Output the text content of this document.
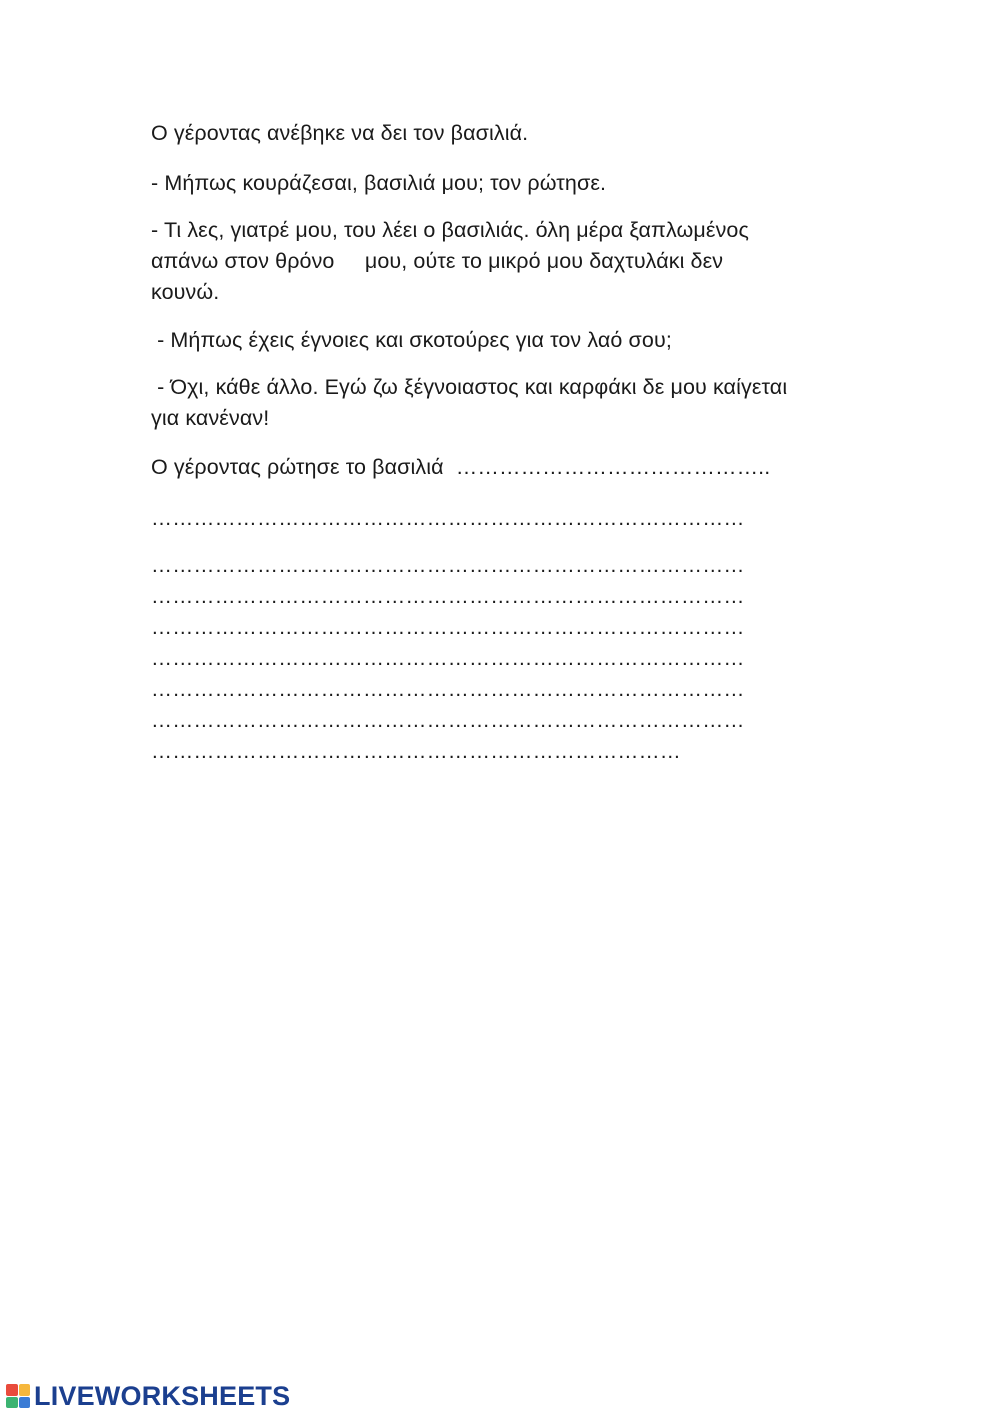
Ο γέροντας ανέβηκε να δει τον βασιλιά.
- Μήπως κουράζεσαι, βασιλιά μου; τον ρώτησε.
- Τι λες, γιατρέ μου, του λέει ο βασιλιάς. όλη μέρα ξαπλωμένος
απάνω στον θρόνο     μου, ούτε το μικρό μου δαχτυλάκι δεν
κουνώ.
- Μήπως έχεις έγνοιες και σκοτούρες για τον λαό σου;
- Όχι, κάθε άλλο. Εγώ ζω ξέγνοιαστος και καρφάκι δε μου καίγεται
για κανέναν!
Ο γέροντας ρώτησε το βασιλιά  ……………………………………..
…………………………………………………………………………
…………………………………………………………………………
…………………………………………………………………………
…………………………………………………………………………
…………………………………………………………………………
…………………………………………………………………………
…………………………………………………………………………
…………………………………………………………………
LIVEWORKSHEETS
